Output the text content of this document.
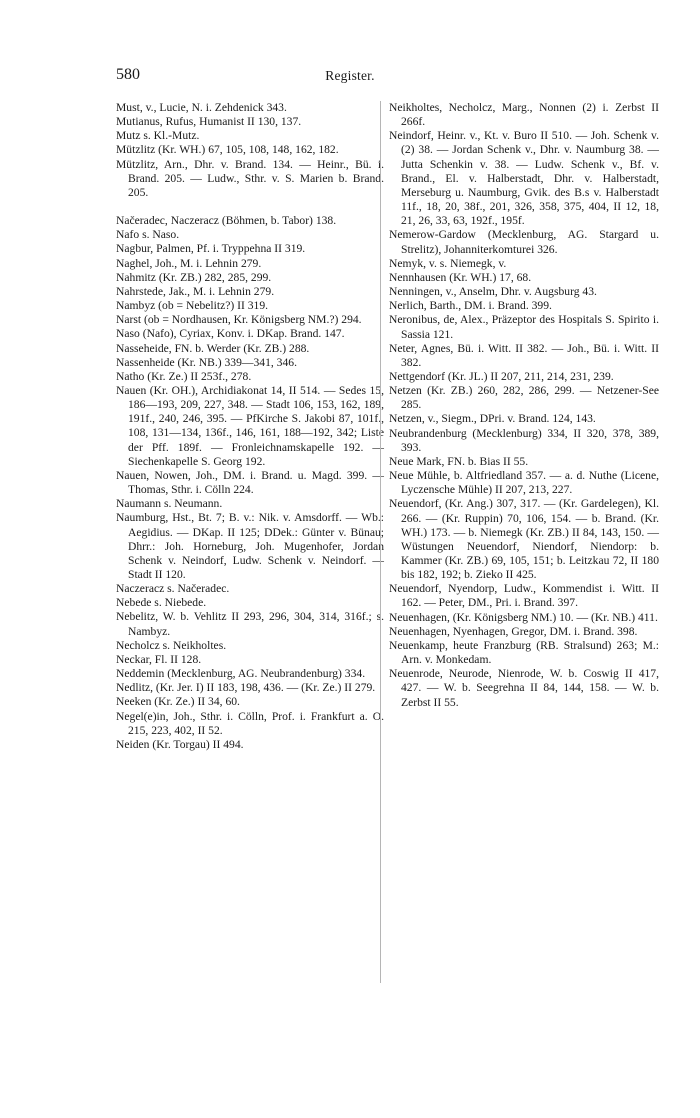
580	Register.

Must, v., Lucie, N. i. Zehdenick 343.

Mutianus, Rufus, Humanist II 130, 137.

Mutz s. Kl.-Mutz.

Mützlitz (Kr. WH.) 67, 105, 108, 148, 162, 182.

Mützlitz, Arn., Dhr. v. Brand. 134. — Heinr., Bü. i. Brand. 205. — Ludw., Sthr. v. S. Marien b. Brand. 205.

Načeradec, Naczeracz (Böhmen, b. Tabor) 138.

Nafo s. Naso.

Nagbur, Palmen, Pf. i. Tryppehna II 319.

Naghel, Joh., M. i. Lehnin 279.

Nahmitz (Kr. ZB.) 282, 285, 299.

Nahrstede, Jak., M. i. Lehnin 279.

Nambyz (ob = Nebelitz?) II 319.

Narst (ob = Nordhausen, Kr. Königsberg NM.?) 294.

Naso (Nafo), Cyriax, Konv. i. DKap. Brand. 147.

Nasseheide, FN. b. Werder (Kr. ZB.) 288.

Nassenheide (Kr. NB.) 339—341, 346.

Natho (Kr. Ze.) II 253f., 278.

Nauen (Kr. OH.), Archidiakonat 14, II 514. — Sedes 15, 186—193, 209, 227, 348. — Stadt 106, 153, 162, 189, 191f., 240, 246, 395. — PfKirche S. Jakobi 87, 101f., 108, 131—134, 136f., 146, 161, 188—192, 342; Liste der Pff. 189f. — Fronleichnamskapelle 192. — Siechenkapelle S. Georg 192.

Nauen, Nowen, Joh., DM. i. Brand. u. Magd. 399. — Thomas, Sthr. i. Cölln 224.

Naumann s. Neumann.

Naumburg, Hst., Bt. 7; B. v.: Nik. v. Amsdorff. — Wb.: Aegidius. — DKap. II 125; DDek.: Günter v. Bünau; Dhrr.: Joh. Horneburg, Joh. Mugenhofer, Jordan Schenk v. Neindorf, Ludw. Schenk v. Neindorf. — Stadt II 120.

Naczeracz s. Načeradec.

Nebede s. Niebede.

Nebelitz, W. b. Vehlitz II 293, 296, 304, 314, 316f.; s. Nambyz.

Necholcz s. Neikholtes.

Neckar, Fl. II 128.

Neddemin (Mecklenburg, AG. Neubrandenburg) 334.

Nedlitz, (Kr. Jer. I) II 183, 198, 436. — (Kr. Ze.) II 279.

Neeken (Kr. Ze.) II 34, 60.

Negel(e)in, Joh., Sthr. i. Cölln, Prof. i. Frankfurt a. O. 215, 223, 402, II 52.

Neiden (Kr. Torgau) II 494.

Neikholtes, Necholcz, Marg., Nonnen (2) i. Zerbst II 266f.

Neindorf, Heinr. v., Kt. v. Buro II 510. — Joh. Schenk v. (2) 38. — Jordan Schenk v., Dhr. v. Naumburg 38. — Jutta Schenkin v. 38. — Ludw. Schenk v., Bf. v. Brand., El. v. Halberstadt, Dhr. v. Halberstadt, Merseburg u. Naumburg, Gvik. des B.s v. Halberstadt 11f., 18, 20, 38f., 201, 326, 358, 375, 404, II 12, 18, 21, 26, 33, 63, 192f., 195f.

Nemerow-Gardow (Mecklenburg, AG. Stargard u. Strelitz), Johanniterkomturei 326.

Nemyk, v. s. Niemegk, v.

Nennhausen (Kr. WH.) 17, 68.

Nenningen, v., Anselm, Dhr. v. Augsburg 43.

Nerlich, Barth., DM. i. Brand. 399.

Neronibus, de, Alex., Präzeptor des Hospitals S. Spirito i. Sassia 121.

Neter, Agnes, Bü. i. Witt. II 382. — Joh., Bü. i. Witt. II 382.

Nettgendorf (Kr. JL.) II 207, 211, 214, 231, 239.

Netzen (Kr. ZB.) 260, 282, 286, 299. — Netzener-See 285.

Netzen, v., Siegm., DPri. v. Brand. 124, 143.

Neubrandenburg (Mecklenburg) 334, II 320, 378, 389, 393.

Neue Mark, FN. b. Bias II 55.

Neue Mühle, b. Altfriedland 357. — a. d. Nuthe (Licene, Lyczensche Mühle) II 207, 213, 227.

Neuendorf, (Kr. Ang.) 307, 317. — (Kr. Gardelegen), Kl. 266. — (Kr. Ruppin) 70, 106, 154. — b. Brand. (Kr. WH.) 173. — b. Niemegk (Kr. ZB.) II 84, 143, 150. — Wüstungen Neuendorf, Niendorf, Niendorp: b. Kammer (Kr. ZB.) 69, 105, 151; b. Leitzkau 72, II 180 bis 182, 192; b. Zieko II 425.

Neuendorf, Nyendorp, Ludw., Kommendist i. Witt. II 162. — Peter, DM., Pri. i. Brand. 397.

Neuenhagen, (Kr. Königsberg NM.) 10. — (Kr. NB.) 411.

Neuenhagen, Nyenhagen, Gregor, DM. i. Brand. 398.

Neuenkamp, heute Franzburg (RB. Stralsund) 263; M.: Arn. v. Monkedam.

Neuenrode, Neurode, Nienrode, W. b. Coswig II 417, 427. — W. b. Seegrehna II 84, 144, 158. — W. b. Zerbst II 55.
